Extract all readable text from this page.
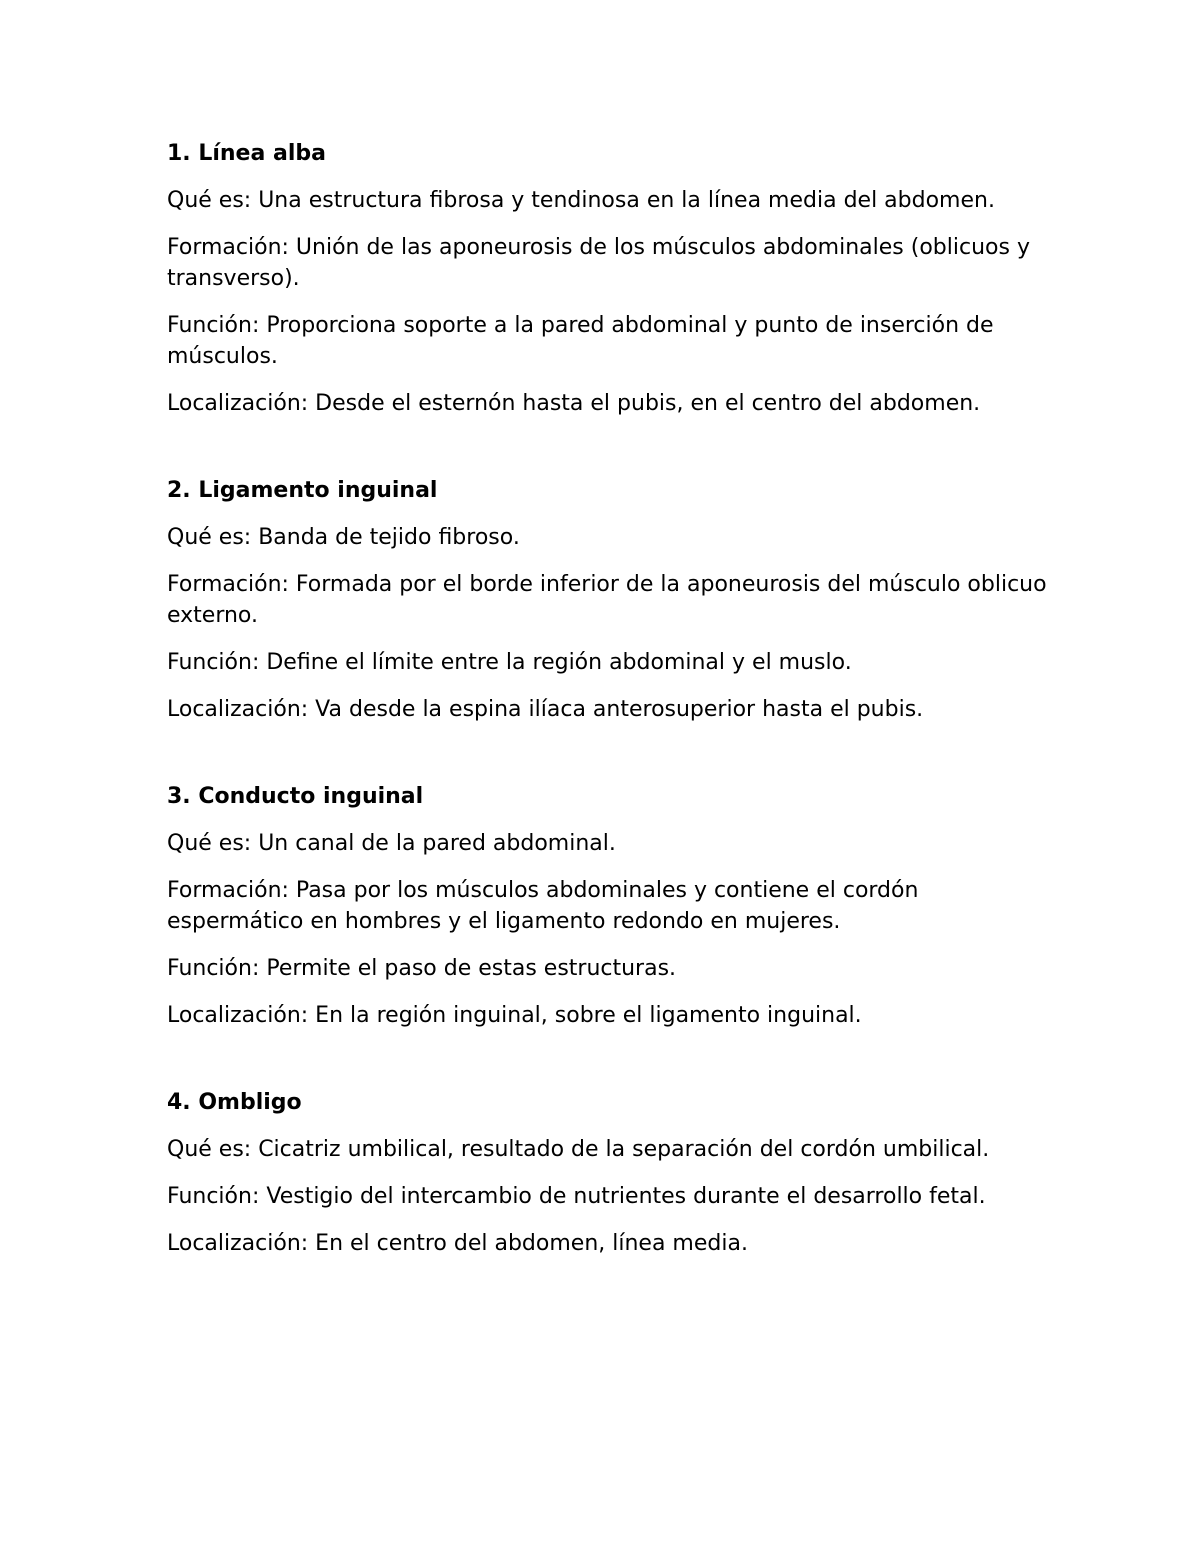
1. Línea alba
Qué es: Una estructura fibrosa y tendinosa en la línea media del abdomen.
Formación: Unión de las aponeurosis de los músculos abdominales (oblicuos y transverso).
Función: Proporciona soporte a la pared abdominal y punto de inserción de músculos.
Localización: Desde el esternón hasta el pubis, en el centro del abdomen.
2. Ligamento inguinal
Qué es: Banda de tejido fibroso.
Formación: Formada por el borde inferior de la aponeurosis del músculo oblicuo externo.
Función: Define el límite entre la región abdominal y el muslo.
Localización: Va desde la espina ilíaca anterosuperior hasta el pubis.
3. Conducto inguinal
Qué es: Un canal de la pared abdominal.
Formación: Pasa por los músculos abdominales y contiene el cordón espermático en hombres y el ligamento redondo en mujeres.
Función: Permite el paso de estas estructuras.
Localización: En la región inguinal, sobre el ligamento inguinal.
4. Ombligo
Qué es: Cicatriz umbilical, resultado de la separación del cordón umbilical.
Función: Vestigio del intercambio de nutrientes durante el desarrollo fetal.
Localización: En el centro del abdomen, línea media.
